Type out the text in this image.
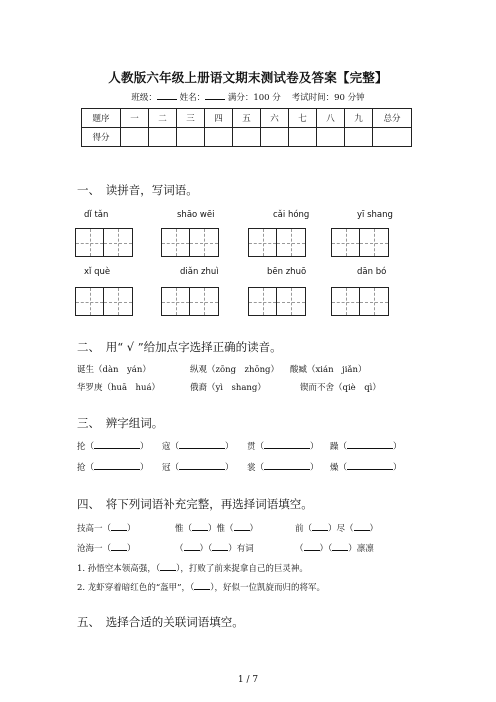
人教版六年级上册语文期末测试卷及答案【完整】
班级：	姓名：	满分：100 分 考试时间：90 分钟
题序	一	二	三	四	五	六	七	八	九	总分
得分										
一、　读拼音，写词语。
dǐ tǎn	shāo wēi	cǎi hóng	yī shang
xǐ què	diǎn zhuì	bēn zhuō	dān bó
二、　用“ √ ”给加点字选择正确的读音。
诞生（dàn　yán）	纵观（zōng　zhōng） 酸臧（xián　jiǎn）
华罗庚（huā　huá）	俄裔（yì　shang）	锲而不舍（qiè　qì）
三、　辨字组词。
抡（	） 寇（	） 贯（	） 躁（	）
抢（	） 冠（	） 裳（	） 燥（	）
四、　将下列词语补充完整，再选择词语填空。
技高一（ ）	惟（ ）惟（ ）	前（ ）尽（ ）
沧海一（ ）	（ ）（ ）有词	（ ）（ ）凛凛
1. 孙悟空本领高强，（ ），打败了前来捉拿自己的巨灵神。
2. 龙虾穿着暗红色的“盔甲”，（ ），好似一位凯旋而归的将军。
五、　选择合适的关联词语填空。
1 / 7
